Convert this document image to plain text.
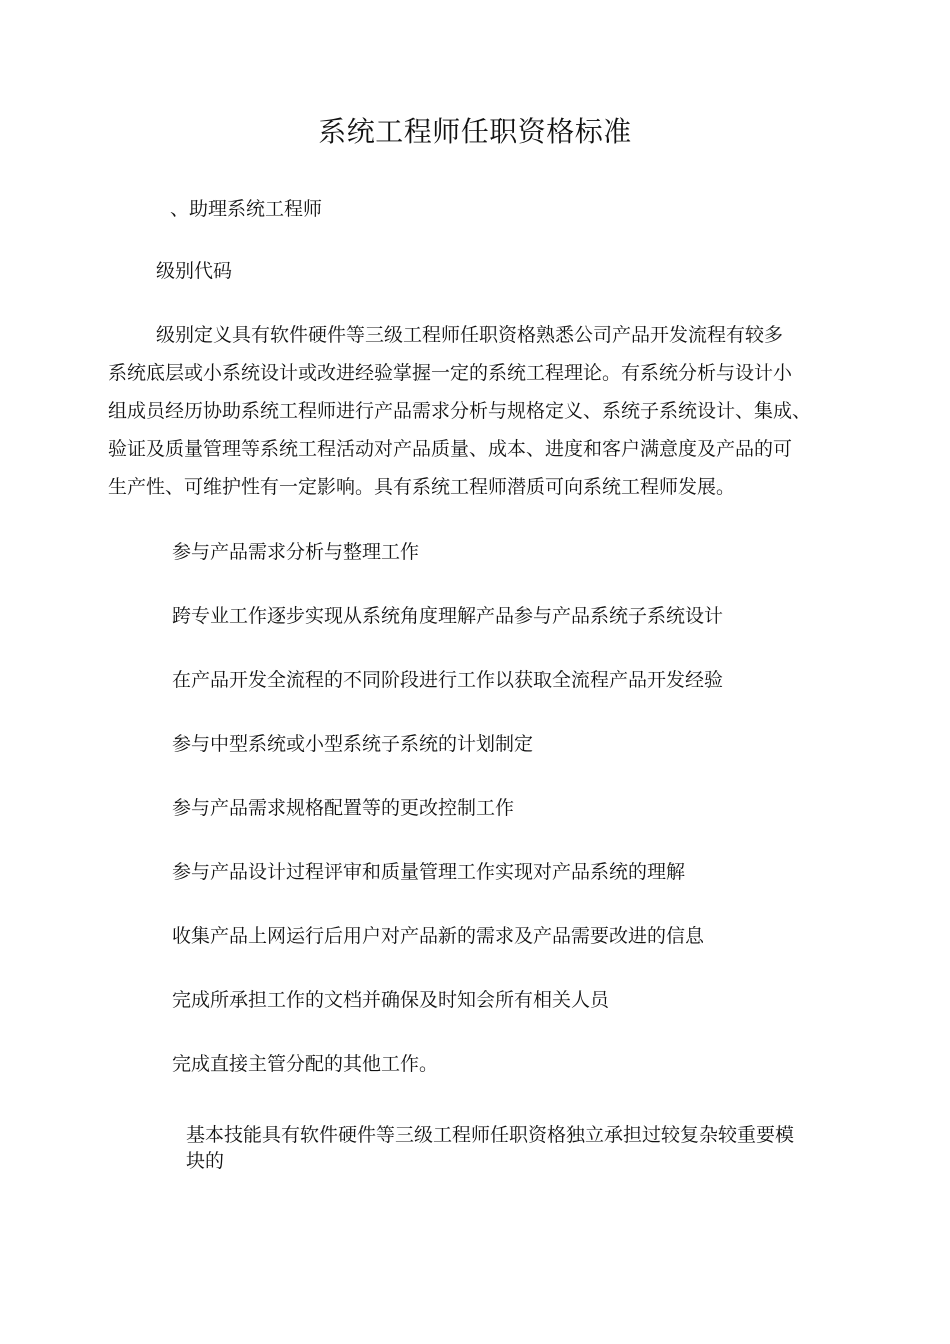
系统工程师任职资格标准
、助理系统工程师
级别代码
级别定义具有软件硬件等三级工程师任职资格熟悉公司产品开发流程有较多
系统底层或小系统设计或改进经验掌握一定的系统工程理论。有系统分析与设计小
组成员经历协助系统工程师进行产品需求分析与规格定义、系统子系统设计、集成、
验证及质量管理等系统工程活动对产品质量、成本、进度和客户满意度及产品的可
生产性、可维护性有一定影响。具有系统工程师潜质可向系统工程师发展。
参与产品需求分析与整理工作
跨专业工作逐步实现从系统角度理解产品参与产品系统子系统设计
在产品开发全流程的不同阶段进行工作以获取全流程产品开发经验
参与中型系统或小型系统子系统的计划制定
参与产品需求规格配置等的更改控制工作
参与产品设计过程评审和质量管理工作实现对产品系统的理解
收集产品上网运行后用户对产品新的需求及产品需要改进的信息
完成所承担工作的文档并确保及时知会所有相关人员
完成直接主管分配的其他工作。
基本技能具有软件硬件等三级工程师任职资格独立承担过较复杂较重要模
块的
